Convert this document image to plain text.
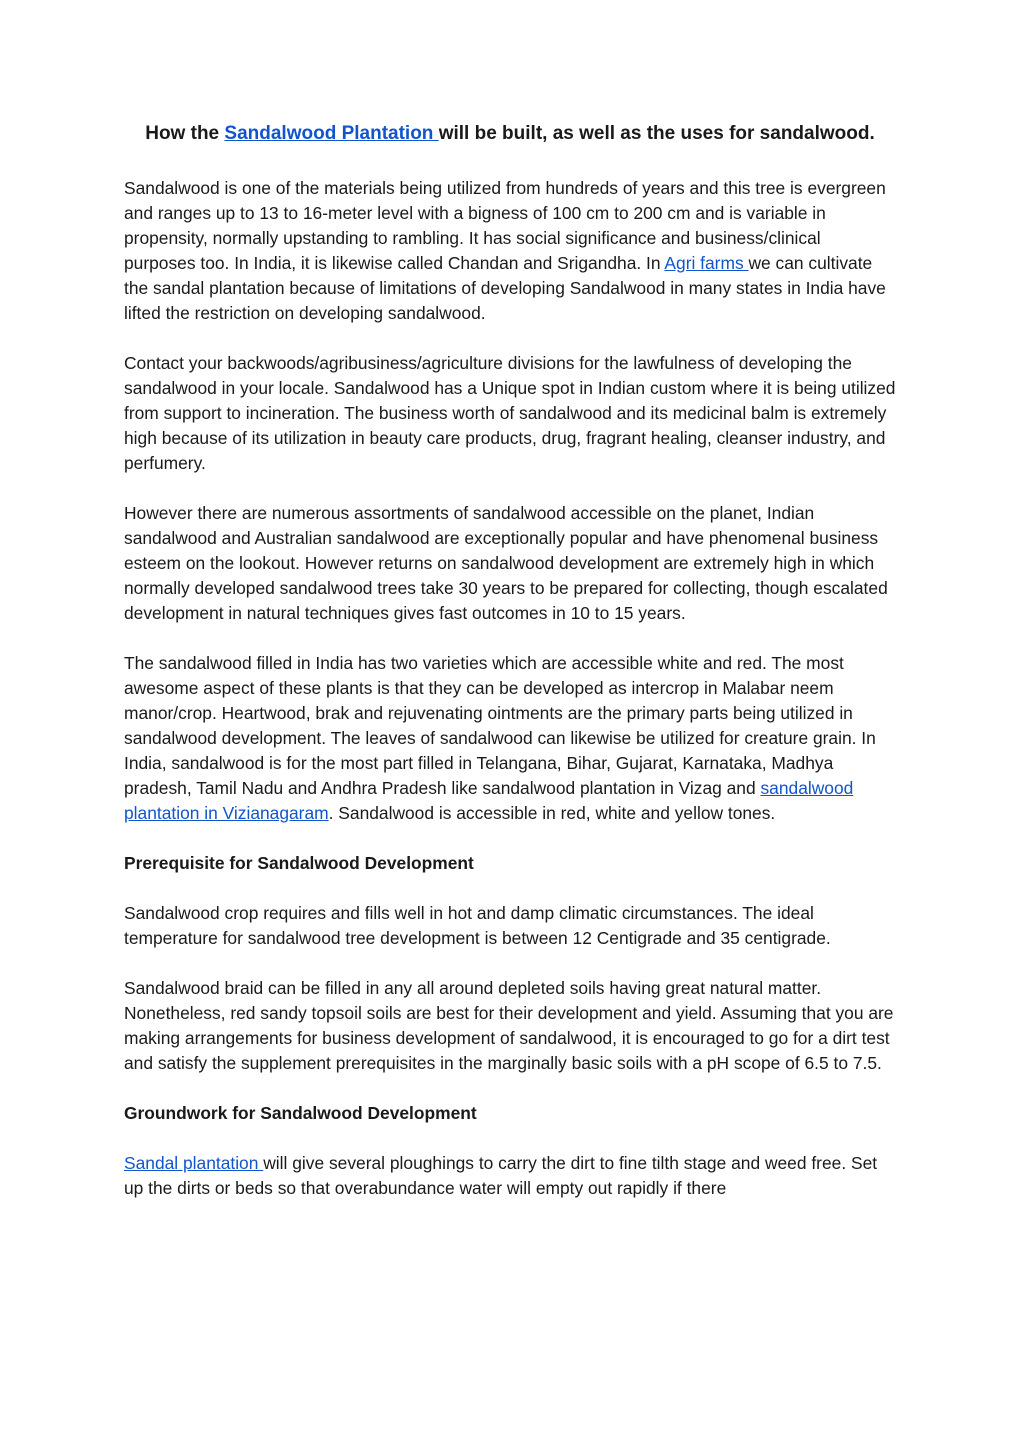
How the Sandalwood Plantation will be built, as well as the uses for sandalwood.

Sandalwood is one of the materials being utilized from hundreds of years and this tree is evergreen and ranges up to 13 to 16-meter level with a bigness of 100 cm to 200 cm and is variable in propensity, normally upstanding to rambling. It has social significance and business/clinical purposes too. In India, it is likewise called Chandan and Srigandha. In Agri farms we can cultivate the sandal plantation because of limitations of developing Sandalwood in many states in India have lifted the restriction on developing sandalwood.

Contact your backwoods/agribusiness/agriculture divisions for the lawfulness of developing the sandalwood in your locale. Sandalwood has a Unique spot in Indian custom where it is being utilized from support to incineration. The business worth of sandalwood and its medicinal balm is extremely high because of its utilization in beauty care products, drug, fragrant healing, cleanser industry, and perfumery.

However there are numerous assortments of sandalwood accessible on the planet, Indian sandalwood and Australian sandalwood are exceptionally popular and have phenomenal business esteem on the lookout. However returns on sandalwood development are extremely high in which normally developed sandalwood trees take 30 years to be prepared for collecting, though escalated development in natural techniques gives fast outcomes in 10 to 15 years.

The sandalwood filled in India has two varieties which are accessible white and red. The most awesome aspect of these plants is that they can be developed as intercrop in Malabar neem manor/crop. Heartwood, brak and rejuvenating ointments are the primary parts being utilized in sandalwood development. The leaves of sandalwood can likewise be utilized for creature grain. In India, sandalwood is for the most part filled in Telangana, Bihar, Gujarat, Karnataka, Madhya pradesh, Tamil Nadu and Andhra Pradesh like sandalwood plantation in Vizag and sandalwood plantation in Vizianagaram. Sandalwood is accessible in red, white and yellow tones.

Prerequisite for Sandalwood Development

Sandalwood crop requires and fills well in hot and damp climatic circumstances. The ideal temperature for sandalwood tree development is between 12 Centigrade and 35 centigrade.

Sandalwood braid can be filled in any all around depleted soils having great natural matter. Nonetheless, red sandy topsoil soils are best for their development and yield. Assuming that you are making arrangements for business development of sandalwood, it is encouraged to go for a dirt test and satisfy the supplement prerequisites in the marginally basic soils with a pH scope of 6.5 to 7.5.

Groundwork for Sandalwood Development

Sandal plantation will give several ploughings to carry the dirt to fine tilth stage and weed free. Set up the dirts or beds so that overabundance water will empty out rapidly if there
